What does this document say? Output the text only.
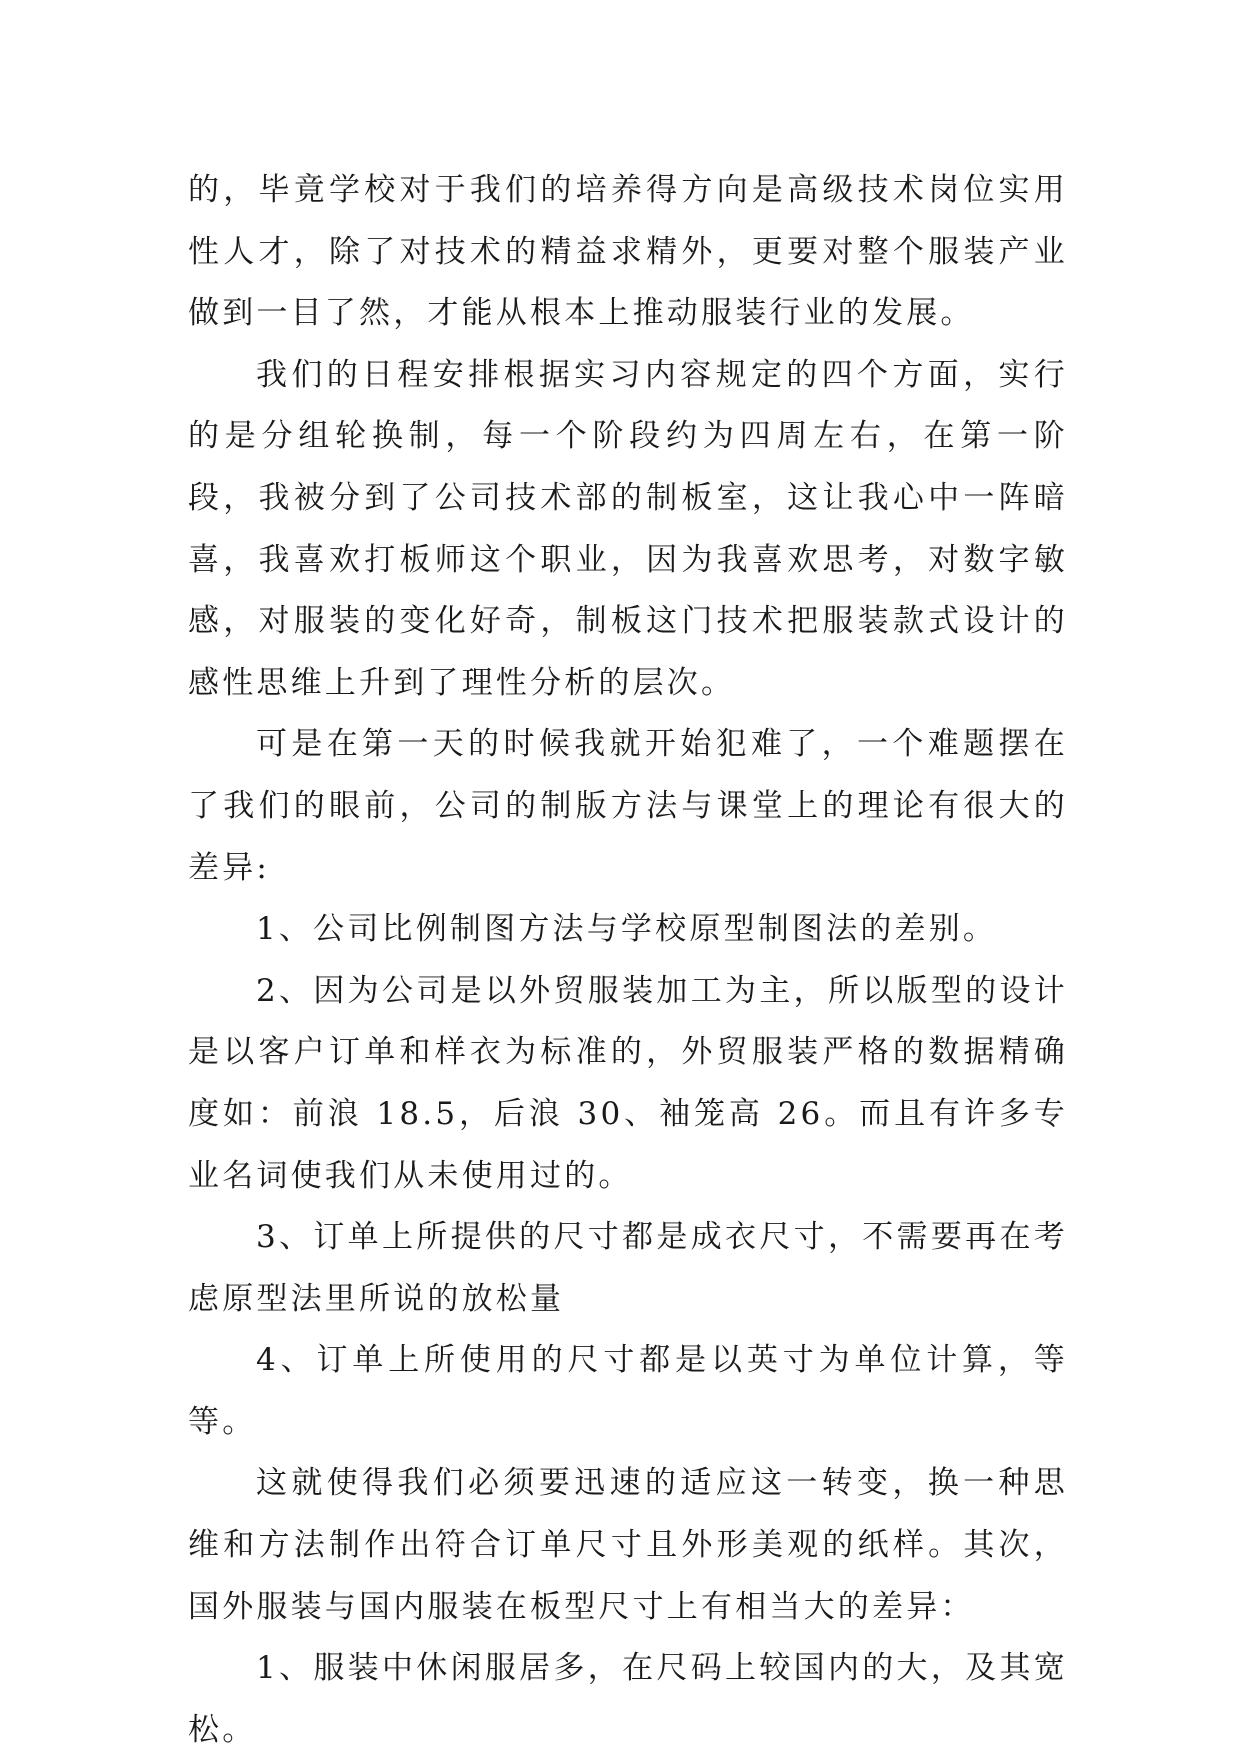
的，毕竟学校对于我们的培养得方向是高级技术岗位实用性人才，除了对技术的精益求精外，更要对整个服装产业做到一目了然，才能从根本上推动服装行业的发展。

我们的日程安排根据实习内容规定的四个方面，实行的是分组轮换制，每一个阶段约为四周左右，在第一阶段，我被分到了公司技术部的制板室，这让我心中一阵暗喜，我喜欢打板师这个职业，因为我喜欢思考，对数字敏感，对服装的变化好奇，制板这门技术把服装款式设计的感性思维上升到了理性分析的层次。

可是在第一天的时候我就开始犯难了，一个难题摆在了我们的眼前，公司的制版方法与课堂上的理论有很大的差异:

1、公司比例制图方法与学校原型制图法的差别。

2、因为公司是以外贸服装加工为主，所以版型的设计是以客户订单和样衣为标准的，外贸服装严格的数据精确度如：前浪 18.5，后浪 30、袖笼高 26。而且有许多专业名词使我们从未使用过的。

3、订单上所提供的尺寸都是成衣尺寸，不需要再在考虑原型法里所说的放松量

4、订单上所使用的尺寸都是以英寸为单位计算，等等。

这就使得我们必须要迅速的适应这一转变，换一种思维和方法制作出符合订单尺寸且外形美观的纸样。其次，国外服装与国内服装在板型尺寸上有相当大的差异：

1、服装中休闲服居多，在尺码上较国内的大，及其宽松。
